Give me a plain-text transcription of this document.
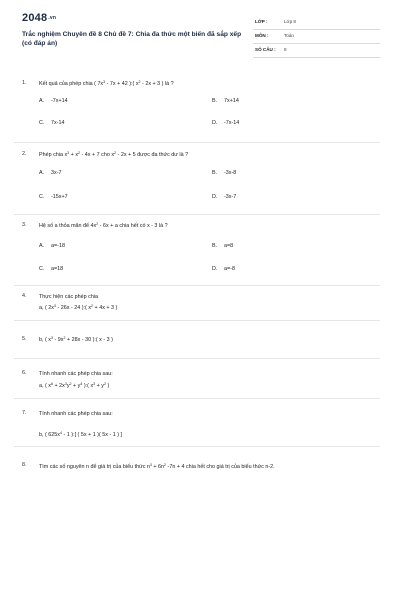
2048.vn
Trắc nghiệm Chuyên đề 8 Chủ đề 7: Chia đa thức một biến đã sắp xếp (có đáp án)
LỚP :	Lớp 8
MÔN :	Toán
SỐ CÂU : 8
1. Kết quả của phép chia ( $7x^3 - 7x + 42$ ):( $x^2 - 2x + 3$ ) là ?
A. -7x+14	B. 7x+14
C. 7x-14	D. -7x-14
2. Phép chia $x^3 + x^2 - 4x + 7$ cho $x^2 - 2x + 5$ được đa thức dư là ?
A. 3x-7	B. -3x-8
C. -15x+7	D. -3x-7
3. Hệ số a thỏa mãn để $4x^2 - 6x + a$ chia hết có x - 3 là ?
A. a=-18	B. a=8
C. a=18	D. a=-8
4. Thực hiện các phép chia
a, ( $2x^3 - 26x - 24$ ):( $x^2 + 4x + 3$ )
5. b, ( $x^3 - 9x^2 + 28x - 30$ ):( x - 3 )
6. Tính nhanh các phép chia sau:
a, ( $x^6 + 2x^3y^2 + y^4$ ):( $x^3 + y^2$ )
7. Tính nhanh các phép chia sau:
b, ( $625x^4 - 1$ ):[ ( 5x + 1 )( 5x - 1 ) ]
8. Tìm các số nguyên n để giá trị của biểu thức $n^3 + 6n^2$ -7n + 4 chia hết cho giá trị của biểu thức n-2.
